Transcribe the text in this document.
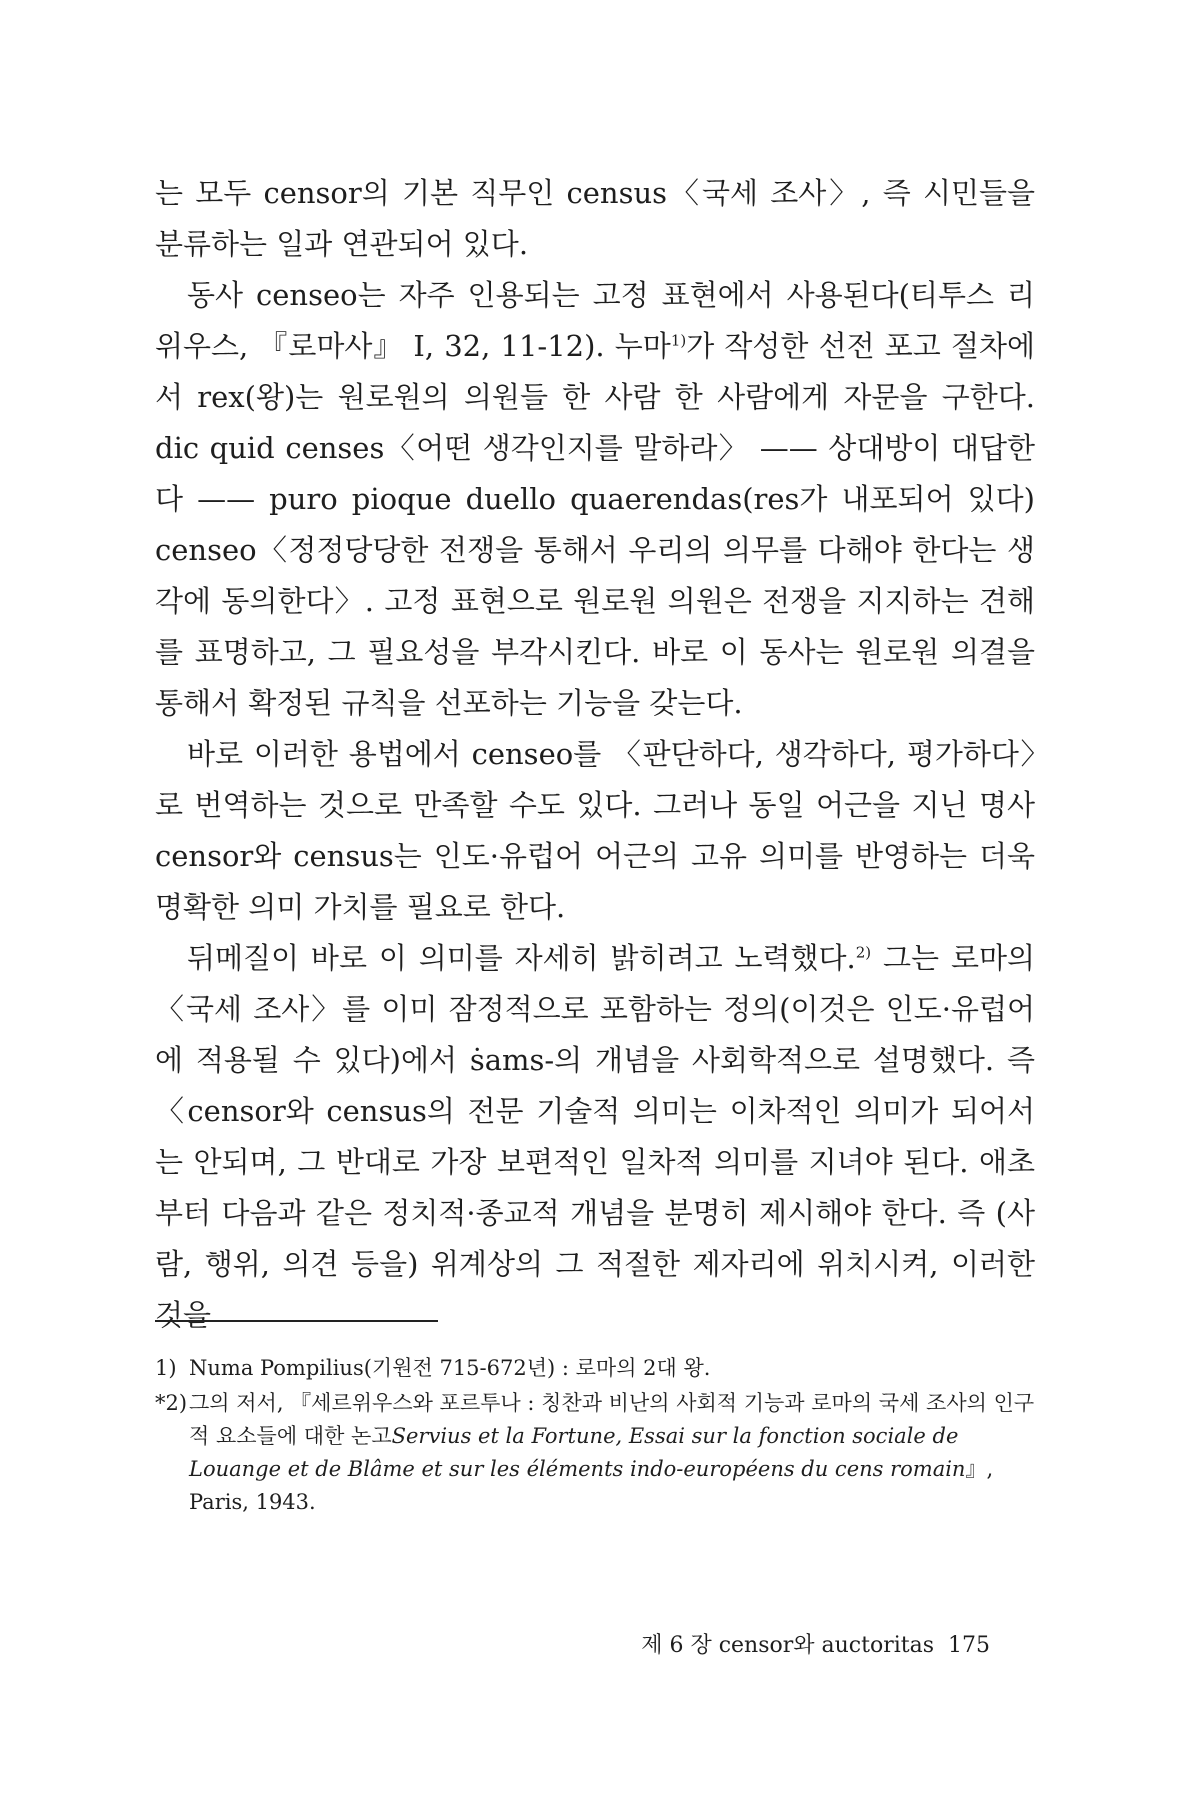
는 모두 censor의 기본 직무인 census〈국세 조사〉, 즉 시민들을 분류하는 일과 연관되어 있다.

동사 censeo는 자주 인용되는 고정 표현에서 사용된다(티투스 리위우스, 『로마사』 I, 32, 11-12). 누마$^{1)}$가 작성한 선전 포고 절차에서 rex(왕)는 원로원의 의원들 한 사람 한 사람에게 자문을 구한다. dic quid censes〈어떤 생각인지를 말하라〉 —— 상대방이 대답한다 —— puro pioque duello quaerendas(res가 내포되어 있다) censeo〈정정당당한 전쟁을 통해서 우리의 의무를 다해야 한다는 생각에 동의한다〉. 고정 표현으로 원로원 의원은 전쟁을 지지하는 견해를 표명하고, 그 필요성을 부각시킨다. 바로 이 동사는 원로원 의결을 통해서 확정된 규칙을 선포하는 기능을 갖는다.

바로 이러한 용법에서 censeo를 〈판단하다, 생각하다, 평가하다〉로 번역하는 것으로 만족할 수도 있다. 그러나 동일 어근을 지닌 명사 censor와 census는 인도·유럽어 어근의 고유 의미를 반영하는 더욱 명확한 의미 가치를 필요로 한다.

뒤메질이 바로 이 의미를 자세히 밝히려고 노력했다.$^{2)}$ 그는 로마의 〈국세 조사〉를 이미 잠정적으로 포함하는 정의(이것은 인도·유럽어에 적용될 수 있다)에서 ṡams-의 개념을 사회학적으로 설명했다. 즉 〈censor와 census의 전문 기술적 의미는 이차적인 의미가 되어서는 안되며, 그 반대로 가장 보편적인 일차적 의미를 지녀야 된다. 애초부터 다음과 같은 정치적·종교적 개념을 분명히 제시해야 한다. 즉 (사람, 행위, 의견 등을) 위계상의 그 적절한 제자리에 위치시켜, 이러한 것을

1) Numa Pompilius(기원전 715-672년) : 로마의 2대 왕.
*2)그의 저서, 『세르위우스와 포르투나 : 칭찬과 비난의 사회적 기능과 로마의 국세 조사의 인구적 요소들에 대한 논고Servius et la Fortune, Essai sur la fonction sociale de Louange et de Blâme et sur les éléments indo-européens du cens romain』, Paris, 1943.
제 6 장 censor와 auctoritas 175
